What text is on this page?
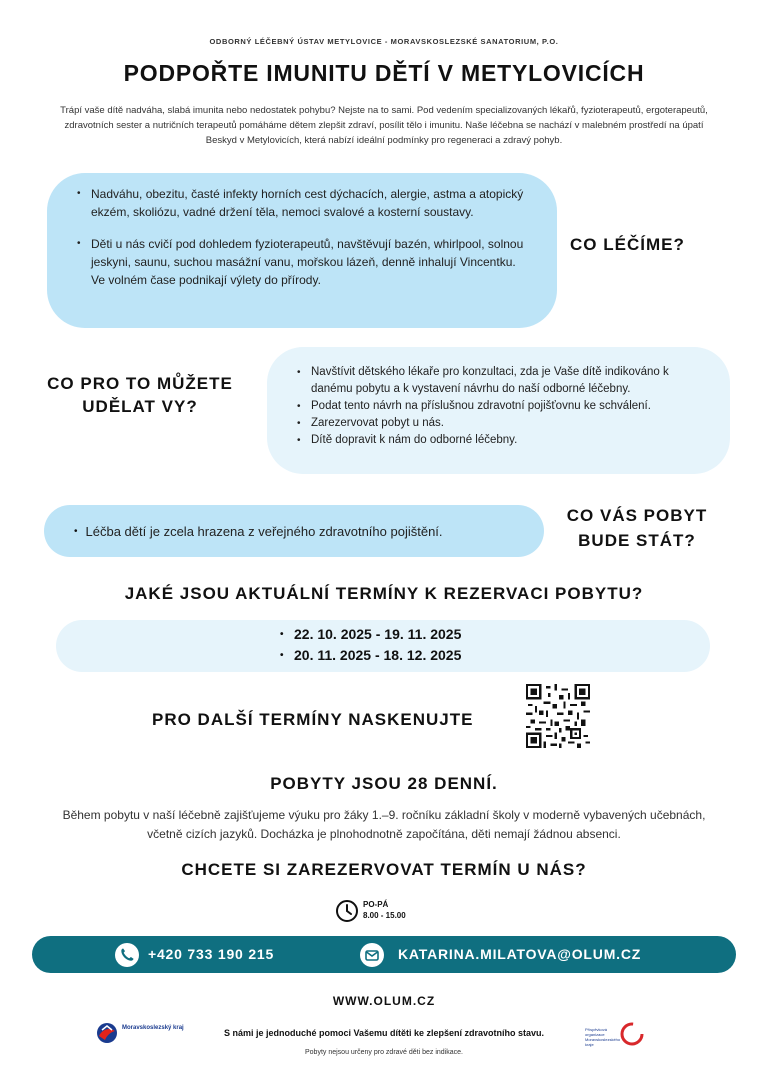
ODBORNÝ LÉČEBNÝ ÚSTAV METYLOVICE - MORAVSKOSLEZSKÉ SANATORIUM, P.O.
PODPOŘTE IMUNITU DĚTÍ V METYLOVICÍCH

Trápí vaše dítě nadváha, slabá imunita nebo nedostatek pohybu? Nejste na to sami. Pod vedením specializovaných lékařů, fyzioterapeutů, ergoterapeutů, zdravotních sester a nutričních terapeutů pomáháme dětem zlepšit zdraví, posílit tělo i imunitu. Naše léčebna se nachází v malebném prostředí na úpatí Beskyd v Metylovicích, která nabízí ideální podmínky pro regeneraci a zdravý pohyb.

• Nadváhu, obezitu, časté infekty horních cest dýchacích, alergie, astma a atopický ekzém, skoliózu, vadné držení těla, nemoci svalové a kosterní soustavy.
• Děti u nás cvičí pod dohledem fyzioterapeutů, navštěvují bazén, whirlpool, solnou jeskyni, saunu, suchou masážní vanu, mořskou lázeň, denně inhalují Vincentku. Ve volném čase podnikají výlety do přírody.
CO LÉČÍME?
CO PRO TO MŮŽETE UDĚLAT VY?
• Navštívit dětského lékaře pro konzultaci, zda je Vaše dítě indikováno k danému pobytu a k vystavení návrhu do naší odborné léčebny.
• Podat tento návrh na příslušnou zdravotní pojišťovnu ke schválení.
• Zarezervovat pobyt u nás.
• Dítě dopravit k nám do odborné léčebny.
• Léčba dětí je zcela hrazena z veřejného zdravotního pojištění.
CO VÁS POBYT BUDE STÁT?
JAKÉ JSOU AKTUÁLNÍ TERMÍNY K REZERVACI POBYTU?
• 22. 10. 2025 - 19. 11. 2025
• 20. 11. 2025 - 18. 12. 2025
PRO DALŠÍ TERMÍNY NASKENUJTE
POBYTY JSOU 28 DENNÍ.

Během pobytu v naší léčebně zajišťujeme výuku pro žáky 1.–9. ročníku základní školy v moderně vybavených učebnách, včetně cizích jazyků. Docházka je plnohodnotně započítána, děti nemají žádnou absenci.

CHCETE SI ZAREZERVOVAT TERMÍN U NÁS?
PO-PÁ
8.00 - 15.00
+420 733 190 215	KATARINA.MILATOVA@OLUM.CZ
WWW.OLUM.CZ
Moravskoslezský kraj	S námi je jednoduché pomoci Vašemu dítěti ke zlepšení zdravotního stavu.	Příspěvková organizace Moravskoslezského kraje
Pobyty nejsou určeny pro zdravé děti bez indikace.
